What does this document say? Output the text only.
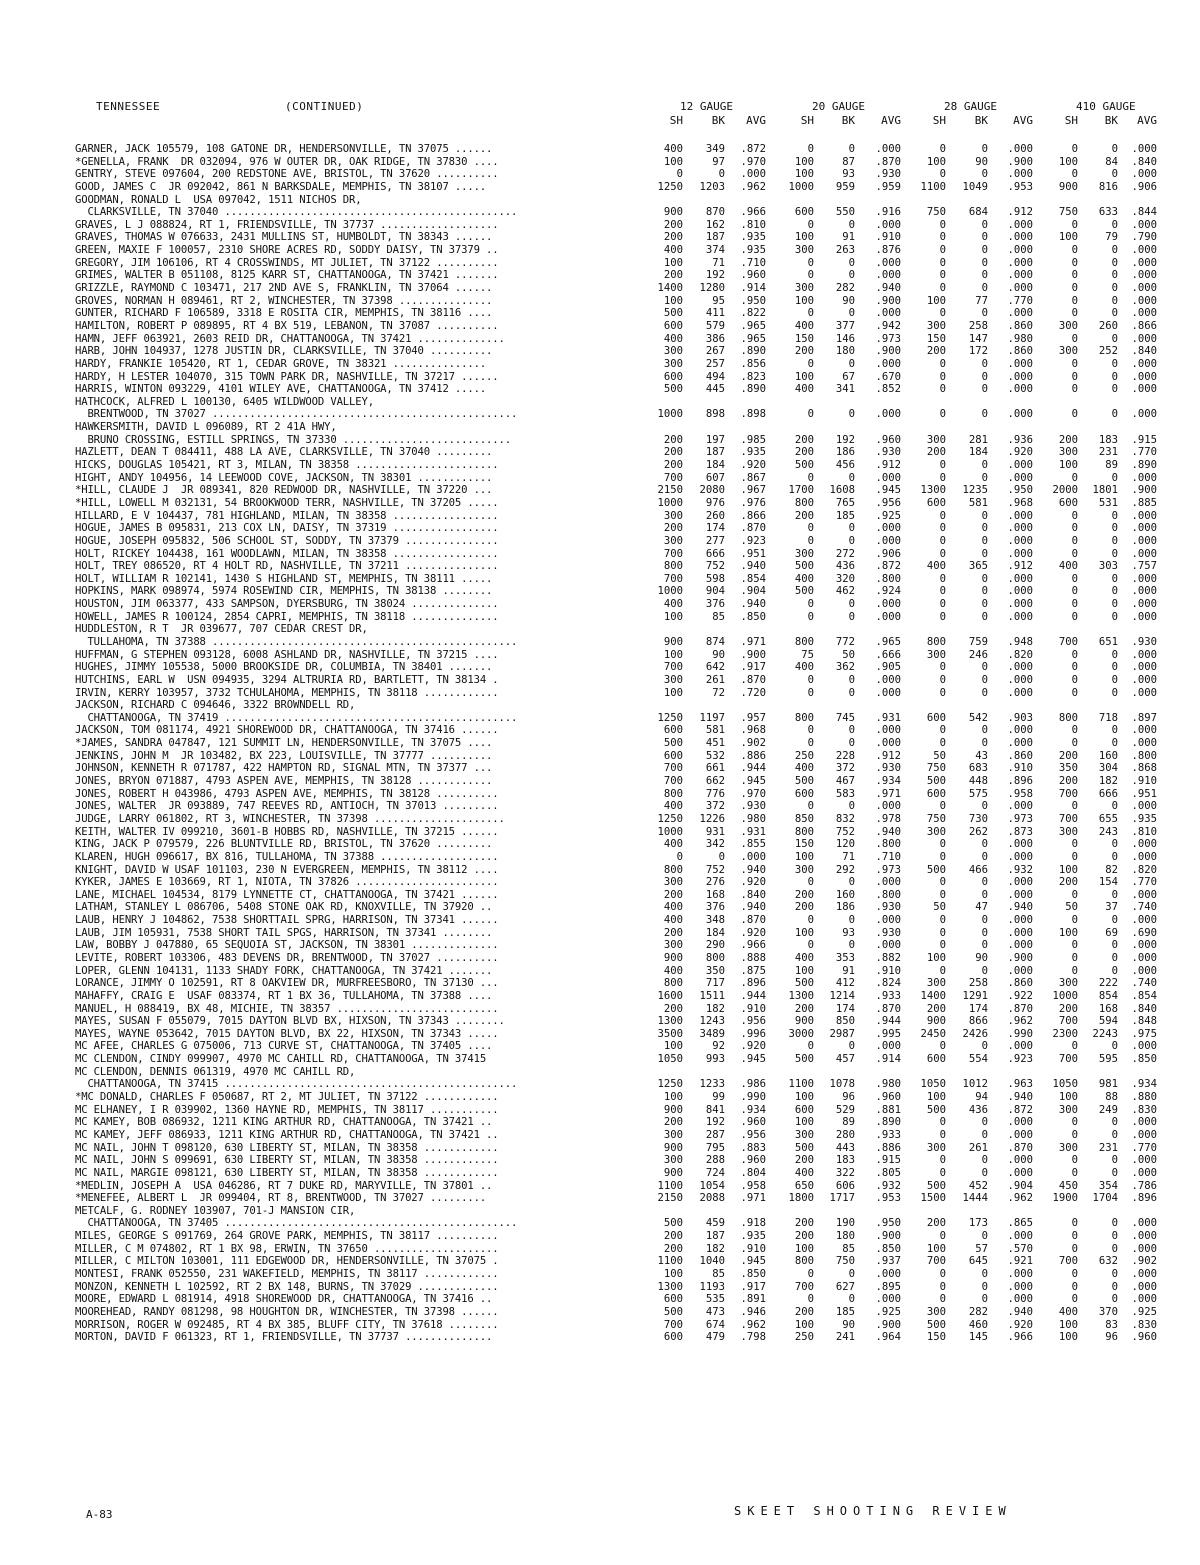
TENNESSEE	(CONTINUED)	12 GAUGE	20 GAUGE	28 GAUGE	410 GAUGE
SH	BK	AVG	SH	BK	AVG	SH	BK	AVG	SH	BK	AVG
GARNER, JACK 105579, 108 GATONE DR, HENDERSONVILLE, TN 37075 ......	400	349	.872	0	0	.000	0	0	.000	0	0	.000
*GENELLA, FRANK  DR 032094, 976 W OUTER DR, OAK RIDGE, TN 37830 ....	100	97	.970	100	87	.870	100	90	.900	100	84	.840
GENTRY, STEVE 097604, 200 REDSTONE AVE, BRISTOL, TN 37620 ..........	0	0	.000	100	93	.930	0	0	.000	0	0	.000
GOOD, JAMES C  JR 092042, 861 N BARKSDALE, MEMPHIS, TN 38107 .....	1250	1203	.962	1000	959	.959	1100	1049	.953	900	816	.906
GOODMAN, RONALD L  USA 097042, 1511 NICHOS DR,
CLARKSVILLE, TN 37040 ...............................................	900	870	.966	600	550	.916	750	684	.912	750	633	.844
GRAVES, L J 088824, RT 1, FRIENDSVILLE, TN 37737 ...................	200	162	.810	0	0	.000	0	0	.000	0	0	.000
GRAVES, THOMAS W 076633, 2431 MULLINS ST, HUMBOLDT, TN 38343 ......	200	187	.935	100	91	.910	0	0	.000	100	79	.790
GREEN, MAXIE F 100057, 2310 SHORE ACRES RD, SODDY DAISY, TN 37379 ..	400	374	.935	300	263	.876	0	0	.000	0	0	.000
GREGORY, JIM 106106, RT 4 CROSSWINDS, MT JULIET, TN 37122 ..........	100	71	.710	0	0	.000	0	0	.000	0	0	.000
GRIMES, WALTER B 051108, 8125 KARR ST, CHATTANOOGA, TN 37421 .......	200	192	.960	0	0	.000	0	0	.000	0	0	.000
GRIZZLE, RAYMOND C 103471, 217 2ND AVE S, FRANKLIN, TN 37064 ......	1400	1280	.914	300	282	.940	0	0	.000	0	0	.000
GROVES, NORMAN H 089461, RT 2, WINCHESTER, TN 37398 ...............	100	95	.950	100	90	.900	100	77	.770	0	0	.000
GUNTER, RICHARD F 106589, 3318 E ROSITA CIR, MEMPHIS, TN 38116 ....	500	411	.822	0	0	.000	0	0	.000	0	0	.000
HAMILTON, ROBERT P 089895, RT 4 BX 519, LEBANON, TN 37087 ..........	600	579	.965	400	377	.942	300	258	.860	300	260	.866
HAMN, JEFF 063921, 2603 REID DR, CHATTANOOGA, TN 37421 ..............	400	386	.965	150	146	.973	150	147	.980	0	0	.000
HARB, JOHN 104937, 1278 JUSTIN DR, CLARKSVILLE, TN 37040 ..........	300	267	.890	200	180	.900	200	172	.860	300	252	.840
HARDY, FRANKIE 105420, RT 1, CEDAR GROVE, TN 38321 ...............	300	257	.856	0	0	.000	0	0	.000	0	0	.000
HARDY, H LESTER 104070, 315 TOWN PARK DR, NASHVILLE, TN 37217 ......	600	494	.823	100	67	.670	0	0	.000	0	0	.000
HARRIS, WINTON 093229, 4101 WILEY AVE, CHATTANOOGA, TN 37412 .....	500	445	.890	400	341	.852	0	0	.000	0	0	.000
HATHCOCK, ALFRED L 100130, 6405 WILDWOOD VALLEY,
BRENTWOOD, TN 37027 .................................................	1000	898	.898	0	0	.000	0	0	.000	0	0	.000
HAWKERSMITH, DAVID L 096089, RT 2 41A HWY,
BRUNO CROSSING, ESTILL SPRINGS, TN 37330 ...........................	200	197	.985	200	192	.960	300	281	.936	200	183	.915
HAZLETT, DEAN T 084411, 488 LA AVE, CLARKSVILLE, TN 37040 .........	200	187	.935	200	186	.930	200	184	.920	300	231	.770
HICKS, DOUGLAS 105421, RT 3, MILAN, TN 38358 .......................	200	184	.920	500	456	.912	0	0	.000	100	89	.890
HIGHT, ANDY 104956, 14 LEEWOOD COVE, JACKSON, TN 38301 ............	700	607	.867	0	0	.000	0	0	.000	0	0	.000
*HILL, CLAUDE J  JR 089341, 820 REDWOOD DR, NASHVILLE, TN 37220 ...	2150	2080	.967	1700	1608	.945	1300	1235	.950	2000	1801	.900
*HILL, LOWELL M 032131, 54 BROOKWOOD TERR, NASHVILLE, TN 37205 .....	1000	976	.976	800	765	.956	600	581	.968	600	531	.885
HILLARD, E V 104437, 781 HIGHLAND, MILAN, TN 38358 .................	300	260	.866	200	185	.925	0	0	.000	0	0	.000
HOGUE, JAMES B 095831, 213 COX LN, DAISY, TN 37319 .................	200	174	.870	0	0	.000	0	0	.000	0	0	.000
HOGUE, JOSEPH 095832, 506 SCHOOL ST, SODDY, TN 37379 ...............	300	277	.923	0	0	.000	0	0	.000	0	0	.000
HOLT, RICKEY 104438, 161 WOODLAWN, MILAN, TN 38358 .................	700	666	.951	300	272	.906	0	0	.000	0	0	.000
HOLT, TREY 086520, RT 4 HOLT RD, NASHVILLE, TN 37211 ...............	800	752	.940	500	436	.872	400	365	.912	400	303	.757
HOLT, WILLIAM R 102141, 1430 S HIGHLAND ST, MEMPHIS, TN 38111 .....	700	598	.854	400	320	.800	0	0	.000	0	0	.000
HOPKINS, MARK 098974, 5974 ROSEWIND CIR, MEMPHIS, TN 38138 ........	1000	904	.904	500	462	.924	0	0	.000	0	0	.000
HOUSTON, JIM 063377, 433 SAMPSON, DYERSBURG, TN 38024 ..............	400	376	.940	0	0	.000	0	0	.000	0	0	.000
HOWELL, JAMES R 100124, 2854 CAPRI, MEMPHIS, TN 38118 ..............	100	85	.850	0	0	.000	0	0	.000	0	0	.000
HUDDLESTON, R T  JR 039677, 707 CEDAR CREST DR,
TULLAHOMA, TN 37388 .................................................	900	874	.971	800	772	.965	800	759	.948	700	651	.930
HUFFMAN, G STEPHEN 093128, 6008 ASHLAND DR, NASHVILLE, TN 37215 ....	100	90	.900	75	50	.666	300	246	.820	0	0	.000
HUGHES, JIMMY 105538, 5000 BROOKSIDE DR, COLUMBIA, TN 38401 .......	700	642	.917	400	362	.905	0	0	.000	0	0	.000
HUTCHINS, EARL W  USN 094935, 3294 ALTRURIA RD, BARTLETT, TN 38134 .	300	261	.870	0	0	.000	0	0	.000	0	0	.000
IRVIN, KERRY 103957, 3732 TCHULAHOMA, MEMPHIS, TN 38118 ............	100	72	.720	0	0	.000	0	0	.000	0	0	.000
JACKSON, RICHARD C 094646, 3322 BROWNDELL RD,
CHATTANOOGA, TN 37419 ...............................................	1250	1197	.957	800	745	.931	600	542	.903	800	718	.897
JACKSON, TOM 081174, 4921 SHOREWOOD DR, CHATTANOOGA, TN 37416 ......	600	581	.968	0	0	.000	0	0	.000	0	0	.000
*JAMES, SANDRA 047847, 121 SUMMIT LN, HENDERSONVILLE, TN 37075 ....	500	451	.902	0	0	.000	0	0	.000	0	0	.000
JENKINS, JOHN M  JR 103482, BX 223, LOUISVILLE, TN 37777 ..........	600	532	.886	250	228	.912	50	43	.860	200	160	.800
JOHNSON, KENNETH R 071787, 422 HAMPTON RD, SIGNAL MTN, TN 37377 ...	700	661	.944	400	372	.930	750	683	.910	350	304	.868
JONES, BRYON 071887, 4793 ASPEN AVE, MEMPHIS, TN 38128 ............	700	662	.945	500	467	.934	500	448	.896	200	182	.910
JONES, ROBERT H 043986, 4793 ASPEN AVE, MEMPHIS, TN 38128 ..........	800	776	.970	600	583	.971	600	575	.958	700	666	.951
JONES, WALTER  JR 093889, 747 REEVES RD, ANTIOCH, TN 37013 .........	400	372	.930	0	0	.000	0	0	.000	0	0	.000
JUDGE, LARRY 061802, RT 3, WINCHESTER, TN 37398 .....................	1250	1226	.980	850	832	.978	750	730	.973	700	655	.935
KEITH, WALTER IV 099210, 3601-B HOBBS RD, NASHVILLE, TN 37215 ......	1000	931	.931	800	752	.940	300	262	.873	300	243	.810
KING, JACK P 079579, 226 BLUNTVILLE RD, BRISTOL, TN 37620 .........	400	342	.855	150	120	.800	0	0	.000	0	0	.000
KLAREN, HUGH 096617, BX 816, TULLAHOMA, TN 37388 ...................	0	0	.000	100	71	.710	0	0	.000	0	0	.000
KNIGHT, DAVID W USAF 101103, 230 N EVERGREEN, MEMPHIS, TN 38112 ....	800	752	.940	300	292	.973	500	466	.932	100	82	.820
KYKER, JAMES E 103669, RT 1, NIOTA, TN 37826 .......................	300	276	.920	0	0	.000	0	0	.000	200	154	.770
LANE, MICHAEL 104534, 8179 LYNNETTE CT, CHATTANOOGA, TN 37421 ......	200	168	.840	200	160	.800	0	0	.000	0	0	.000
LATHAM, STANLEY L 086706, 5408 STONE OAK RD, KNOXVILLE, TN 37920 ..	400	376	.940	200	186	.930	50	47	.940	50	37	.740
LAUB, HENRY J 104862, 7538 SHORTTAIL SPRG, HARRISON, TN 37341 ......	400	348	.870	0	0	.000	0	0	.000	0	0	.000
LAUB, JIM 105931, 7538 SHORT TAIL SPGS, HARRISON, TN 37341 ........	200	184	.920	100	93	.930	0	0	.000	100	69	.690
LAW, BOBBY J 047880, 65 SEQUOIA ST, JACKSON, TN 38301 ..............	300	290	.966	0	0	.000	0	0	.000	0	0	.000
LEVITE, ROBERT 103306, 483 DEVENS DR, BRENTWOOD, TN 37027 ..........	900	800	.888	400	353	.882	100	90	.900	0	0	.000
LOPER, GLENN 104131, 1133 SHADY FORK, CHATTANOOGA, TN 37421 .......	400	350	.875	100	91	.910	0	0	.000	0	0	.000
LORANCE, JIMMY O 102591, RT 8 OAKVIEW DR, MURFREESBORO, TN 37130 ...	800	717	.896	500	412	.824	300	258	.860	300	222	.740
MAHAFFY, CRAIG E  USAF 083374, RT 1 BX 36, TULLAHOMA, TN 37388 ....	1600	1511	.944	1300	1214	.933	1400	1291	.922	1000	854	.854
MANUEL, H 088419, BX 48, MICHIE, TN 38357 ..........................	200	182	.910	200	174	.870	200	174	.870	200	168	.840
MAYES, SUSAN F 055079, 7015 DAYTON BLVD BX, HIXSON, TN 37343 ........	1300	1243	.956	900	850	.944	900	866	.962	700	594	.848
MAYES, WAYNE 053642, 7015 DAYTON BLVD, BX 22, HIXSON, TN 37343 .....	3500	3489	.996	3000	2987	.995	2450	2426	.990	2300	2243	.975
MC AFEE, CHARLES G 075006, 713 CURVE ST, CHATTANOOGA, TN 37405 ....	100	92	.920	0	0	.000	0	0	.000	0	0	.000
MC CLENDON, CINDY 099907, 4970 MC CAHILL RD, CHATTANOOGA, TN 37415	1050	993	.945	500	457	.914	600	554	.923	700	595	.850
MC CLENDON, DENNIS 061319, 4970 MC CAHILL RD,
CHATTANOOGA, TN 37415 ...............................................	1250	1233	.986	1100	1078	.980	1050	1012	.963	1050	981	.934
*MC DONALD, CHARLES F 050687, RT 2, MT JULIET, TN 37122 ............	100	99	.990	100	96	.960	100	94	.940	100	88	.880
MC ELHANEY, I R 039902, 1360 HAYNE RD, MEMPHIS, TN 38117 ...........	900	841	.934	600	529	.881	500	436	.872	300	249	.830
MC KAMEY, BOB 086932, 1211 KING ARTHUR RD, CHATTANOOGA, TN 37421 ..	200	192	.960	100	89	.890	0	0	.000	0	0	.000
MC KAMEY, JEFF 086933, 1211 KING ARTHUR RD, CHATTANOOGA, TN 37421 ..	300	287	.956	300	280	.933	0	0	.000	0	0	.000
MC NAIL, JOHN T 098120, 630 LIBERTY ST, MILAN, TN 38358 ............	900	795	.883	500	443	.886	300	261	.870	300	231	.770
MC NAIL, JOHN S 099691, 630 LIBERTY ST, MILAN, TN 38358 ............	300	288	.960	200	183	.915	0	0	.000	0	0	.000
MC NAIL, MARGIE 098121, 630 LIBERTY ST, MILAN, TN 38358 ............	900	724	.804	400	322	.805	0	0	.000	0	0	.000
*MEDLIN, JOSEPH A  USA 046286, RT 7 DUKE RD, MARYVILLE, TN 37801 ..	1100	1054	.958	650	606	.932	500	452	.904	450	354	.786
*MENEFEE, ALBERT L  JR 099404, RT 8, BRENTWOOD, TN 37027 .........	2150	2088	.971	1800	1717	.953	1500	1444	.962	1900	1704	.896
METCALF, G. RODNEY 103907, 701-J MANSION CIR,
CHATTANOOGA, TN 37405 ...............................................	500	459	.918	200	190	.950	200	173	.865	0	0	.000
MILES, GEORGE S 091769, 264 GROVE PARK, MEMPHIS, TN 38117 ..........	200	187	.935	200	180	.900	0	0	.000	0	0	.000
MILLER, C M 074802, RT 1 BX 98, ERWIN, TN 37650 ....................	200	182	.910	100	85	.850	100	57	.570	0	0	.000
MILLER, C MILTON 103001, 111 EDGEWOOD DR, HENDERSONVILLE, TN 37075 .	1100	1040	.945	800	750	.937	700	645	.921	700	632	.902
MONTESI, FRANK 052550, 231 WAKEFIELD, MEMPHIS, TN 38117 ............	100	85	.850	0	0	.000	0	0	.000	0	0	.000
MONZON, KENNETH L 102592, RT 2 BX 148, BURNS, TN 37029 .............	1300	1193	.917	700	627	.895	0	0	.000	0	0	.000
MOORE, EDWARD L 081914, 4918 SHOREWOOD DR, CHATTANOOGA, TN 37416 ..	600	535	.891	0	0	.000	0	0	.000	0	0	.000
MOOREHEAD, RANDY 081298, 98 HOUGHTON DR, WINCHESTER, TN 37398 ......	500	473	.946	200	185	.925	300	282	.940	400	370	.925
MORRISON, ROGER W 092485, RT 4 BX 385, BLUFF CITY, TN 37618 ........	700	674	.962	100	90	.900	500	460	.920	100	83	.830
MORTON, DAVID F 061323, RT 1, FRIENDSVILLE, TN 37737 ..............	600	479	.798	250	241	.964	150	145	.966	100	96	.960
A-83	SKEET SHOOTING REVIEW
